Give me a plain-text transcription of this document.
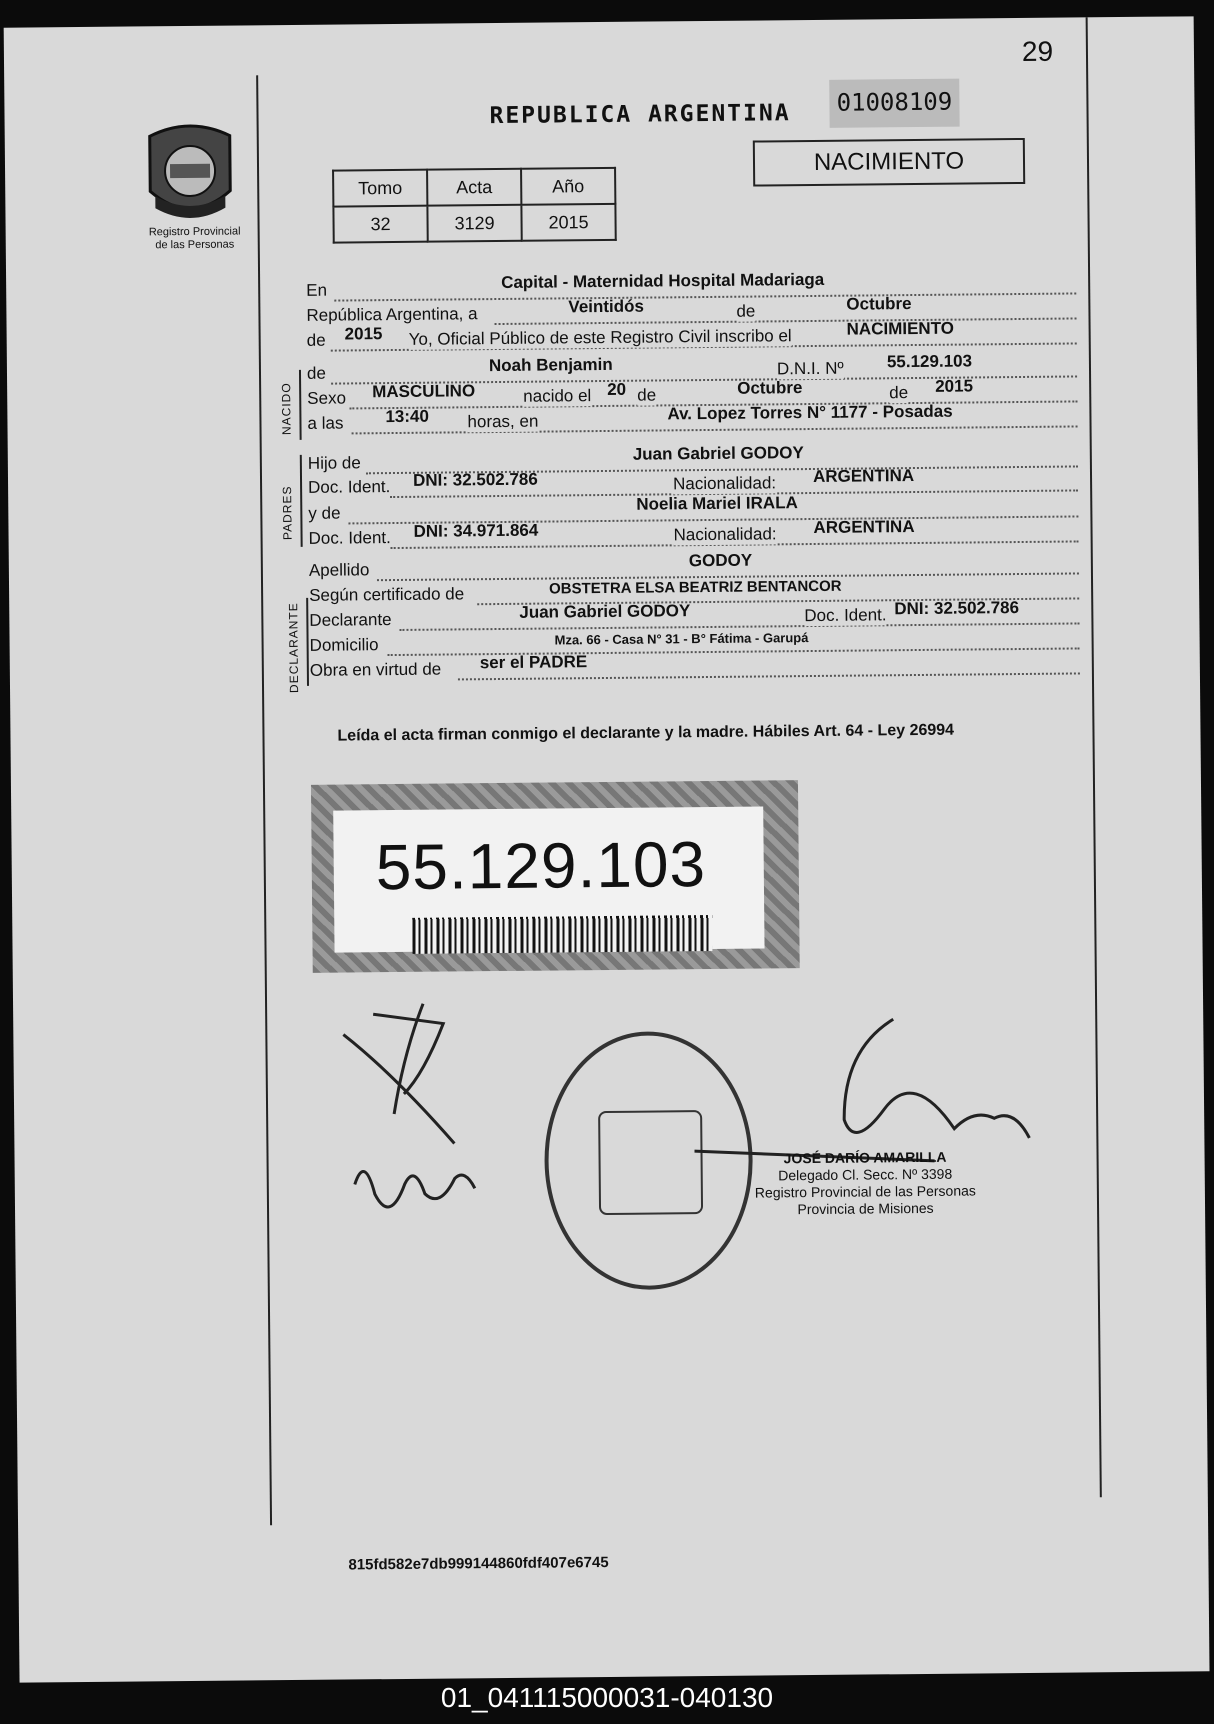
29
Registro Provincial
de las Personas
REPUBLICA ARGENTINA	01008109
NACIMIENTO
Tomo	Acta	Año
32	3129	2015
En	Capital - Maternidad Hospital Madariaga
República Argentina, a	Veintidós	de	Octubre
de 2015 Yo, Oficial Público de este Registro Civil inscribo el	NACIMIENTO
de	Noah Benjamin	D.N.I. Nº	55.129.103
Sexo MASCULINO	nacido el 20 de	Octubre	de 2015
a las 13:40 horas, en	Av. Lopez Torres N° 1177 - Posadas
NACIDO
Hijo de	Juan Gabriel GODOY
Doc. Ident. DNI: 32.502.786	Nacionalidad: ARGENTINA
y de	Noelia Mariel IRALA
Doc. Ident. DNI: 34.971.864	Nacionalidad: ARGENTINA
PADRES
Apellido	GODOY
Según certificado de	OBSTETRA ELSA BEATRIZ BENTANCOR
Declarante	Juan Gabriel GODOY	Doc. Ident. DNI: 32.502.786
Domicilio	Mza. 66 - Casa N° 31 - B° Fátima - Garupá
Obra en virtud de ser el PADRE
DECLARANTE
Leída el acta firman conmigo el declarante y la madre. Hábiles Art. 64 - Ley 26994
55.129.103
JOSÉ DARÍO AMARILLA
Delegado Cl. Secc. Nº 3398
Registro Provincial de las Personas
Provincia de Misiones
815fd582e7db999144860fdf407e6745
01_041115000031-040130
